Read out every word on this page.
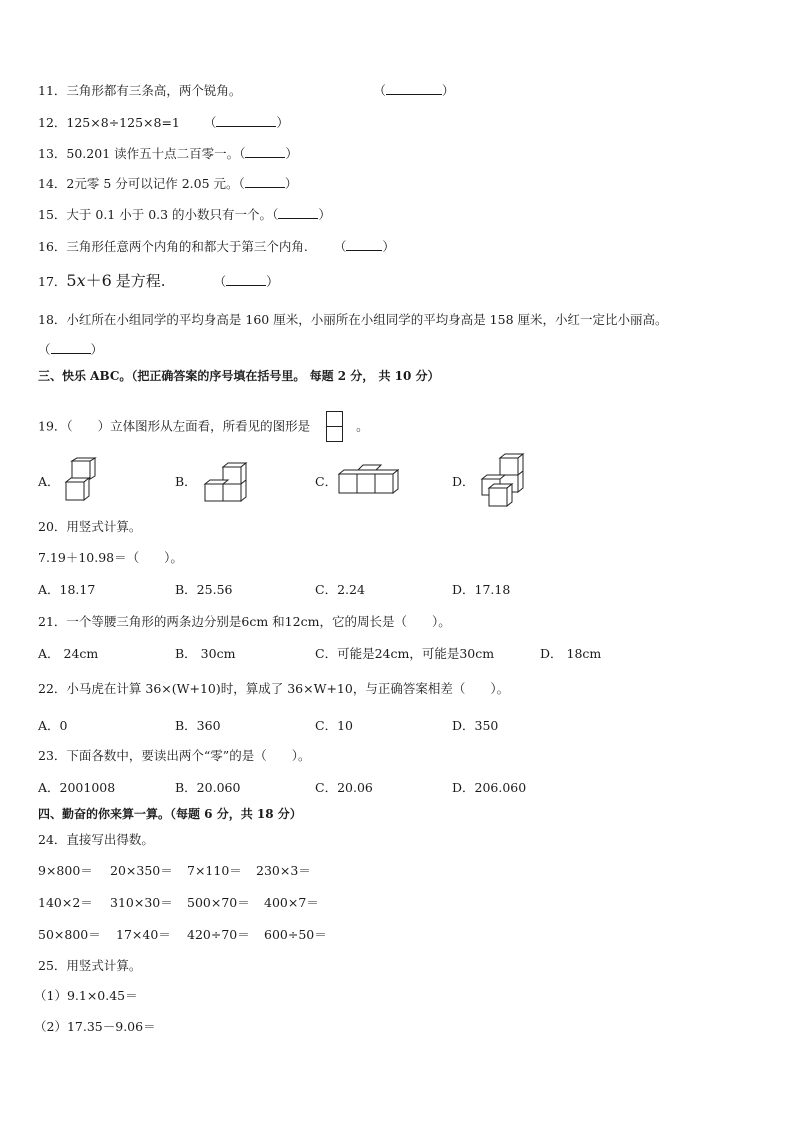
11．三角形都有三条高，两个锐角。	（	）
12．125×8÷125×8=1 （	）
13．50.201 读作五十点二百零一。（	）
14．2元零 5 分可以记作 2.05 元。（	）
15．大于 0.1 小于 0.3 的小数只有一个。（	）
16．三角形任意两个内角的和都大于第三个内角. （	）
17．5x＋6 是方程.	（	）
18．小红所在小组同学的平均身高是 160 厘米，小丽所在小组同学的平均身高是 158 厘米，小红一定比小丽高。
（	）
三、快乐 ABC。（把正确答案的序号填在括号里。 每题 2 分， 共 10 分）
19．（　　）立体图形从左面看，所看见的图形是	。
A．	B．	C．	D．
20．用竖式计算。
7.19＋10.98＝（　　）。
A．18.17	B．25.56	C．2.24	D．17.18
21．一个等腰三角形的两条边分别是6cm 和12cm，它的周长是（　　）。
A． 24cm	B． 30cm	C．可能是24cm，可能是30cm	D． 18cm
22．小马虎在计算 36×(W+10)时，算成了 36×W+10，与正确答案相差（　　）。
A．0	B．360	C．10	D．350
23．下面各数中，要读出两个“零”的是（　　）。
A．2001008	B．20.060	C．20.06	D．206.060
四、勤奋的你来算一算。（每题 6 分，共 18 分）
24．直接写出得数。
9×800＝ 20×350＝ 7×110＝ 230×3＝
140×2＝ 310×30＝ 500×70＝ 400×7＝
50×800＝ 17×40＝ 420÷70＝ 600÷50＝
25．用竖式计算。
（1）9.1×0.45＝
（2）17.35－9.06＝
